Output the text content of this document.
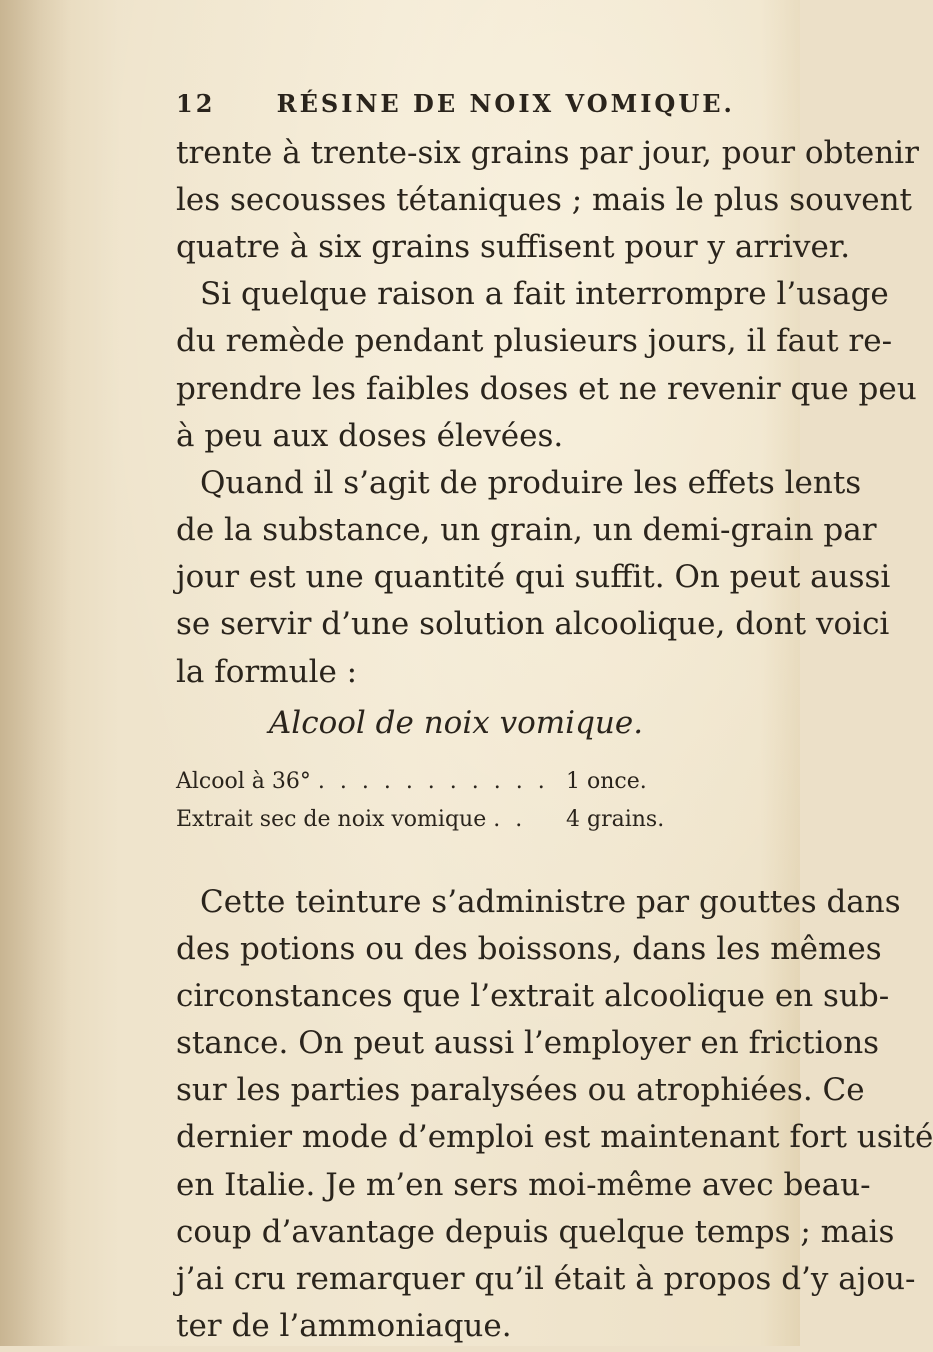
12	RÉSINE DE NOIX VOMIQUE.
trente à trente-six grains par jour, pour obtenir
les secousses tétaniques ; mais le plus souvent
quatre à six grains suffisent pour y arriver.
Si quelque raison a fait interrompre l’usage
du remède pendant plusieurs jours, il faut re-
prendre les faibles doses et ne revenir que peu
à peu aux doses élevées.
Quand il s’agit de produire les effets lents
de la substance, un grain, un demi-grain par
jour est une quantité qui suffit. On peut aussi
se servir d’une solution alcoolique, dont voici
la formule :
Alcool de noix vomique.
Alcool à 36° . . . . . . . . . . . 1 once.
Extrait sec de noix vomique . . 4 grains.
Cette teinture s’administre par gouttes dans
des potions ou des boissons, dans les mêmes
circonstances que l’extrait alcoolique en sub-
stance. On peut aussi l’employer en frictions
sur les parties paralysées ou atrophiées. Ce
dernier mode d’emploi est maintenant fort usité
en Italie. Je m’en sers moi-même avec beau-
coup d’avantage depuis quelque temps ; mais
j’ai cru remarquer qu’il était à propos d’y ajou-
ter de l’ammoniaque.
